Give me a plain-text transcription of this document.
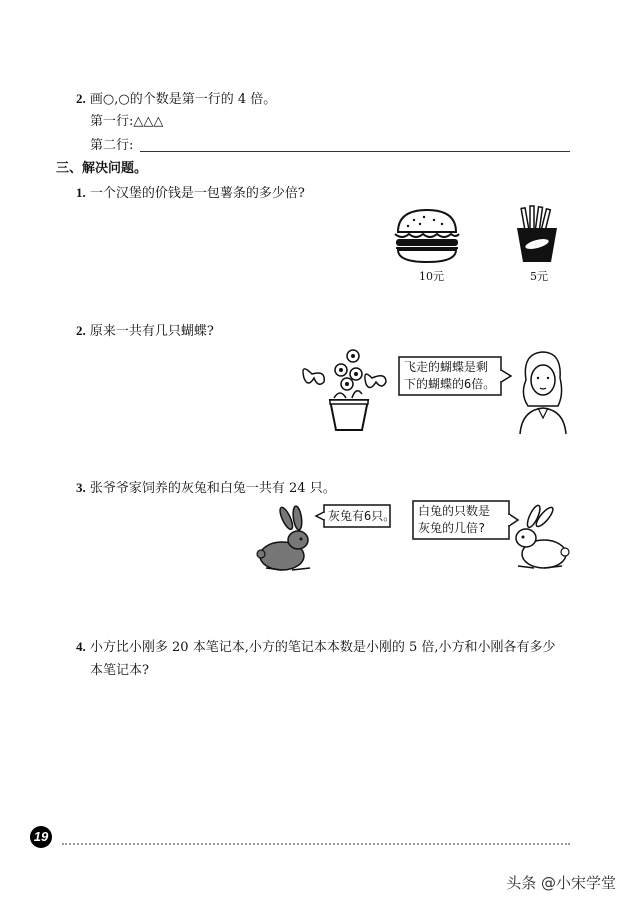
2. 画○,○的个数是第一行的 4 倍。
第一行:△△△
第二行:
三、解决问题。
1. 一个汉堡的价钱是一包薯条的多少倍?
10元	5元
2. 原来一共有几只蝴蝶?
飞走的蝴蝶是剩
下的蝴蝶的6倍。
3. 张爷爷家饲养的灰兔和白兔一共有 24 只。
灰兔有6只。 白兔的只数是
灰兔的几倍?
4. 小方比小刚多 20 本笔记本,小方的笔记本本数是小刚的 5 倍,小方和小刚各有多少
本笔记本?
19
头条 @小宋学堂
